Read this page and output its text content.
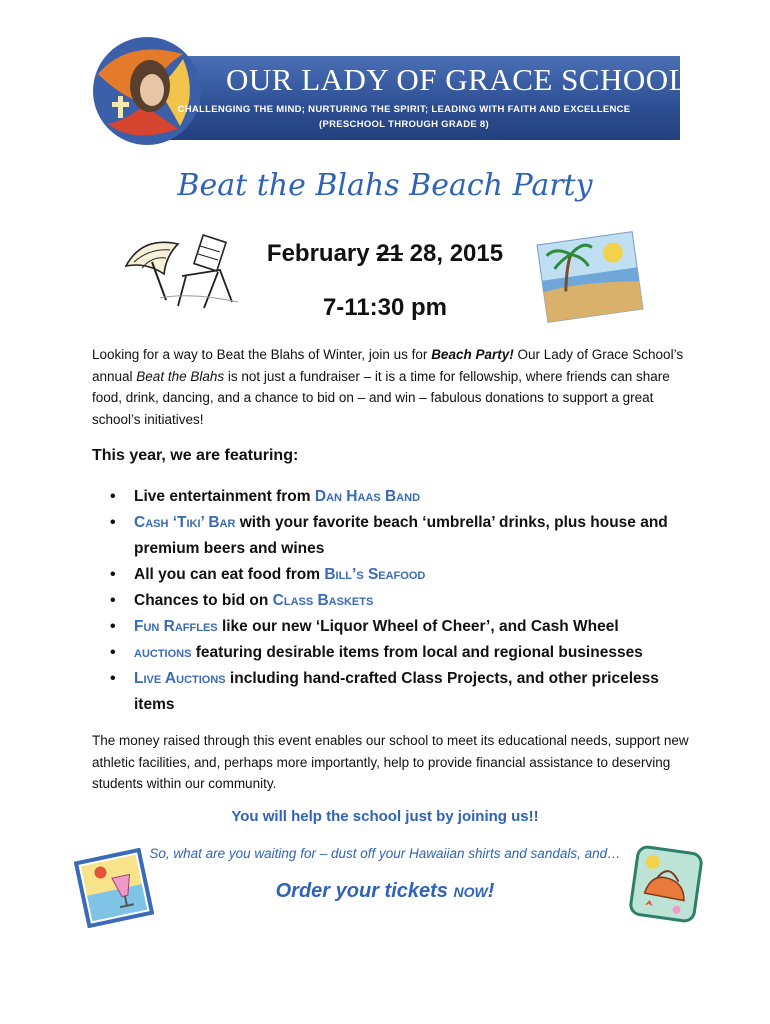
OUR LADY OF GRACE SCHOOL
CHALLENGING THE MIND; NURTURING THE SPIRIT; LEADING WITH FAITH AND EXCELLENCE
(PRESCHOOL THROUGH GRADE 8)
Beat the Blahs Beach Party
February 21 28, 2015
7-11:30 pm
Looking for a way to Beat the Blahs of Winter, join us for Beach Party! Our Lady of Grace School’s annual Beat the Blahs is not just a fundraiser – it is a time for fellowship, where friends can share food, drink, dancing, and a chance to bid on – and win – fabulous donations to support a great school’s initiatives!
This year, we are featuring:
• Live entertainment from Dan Haas Band
• Cash ‘Tiki’ Bar with your favorite beach ‘umbrella’ drinks, plus house and premium beers and wines
• All you can eat food from Bill’s Seafood
• Chances to bid on Class Baskets
• Fun Raffles like our new ‘Liquor Wheel of Cheer’, and Cash Wheel
• auctions featuring desirable items from local and regional businesses
• Live Auctions including hand-crafted Class Projects, and other priceless items
The money raised through this event enables our school to meet its educational needs, support new athletic facilities, and, perhaps more importantly, help to provide financial assistance to deserving students within our community.
You will help the school just by joining us!!
So, what are you waiting for – dust off your Hawaiian shirts and sandals, and…
Order your tickets now!
